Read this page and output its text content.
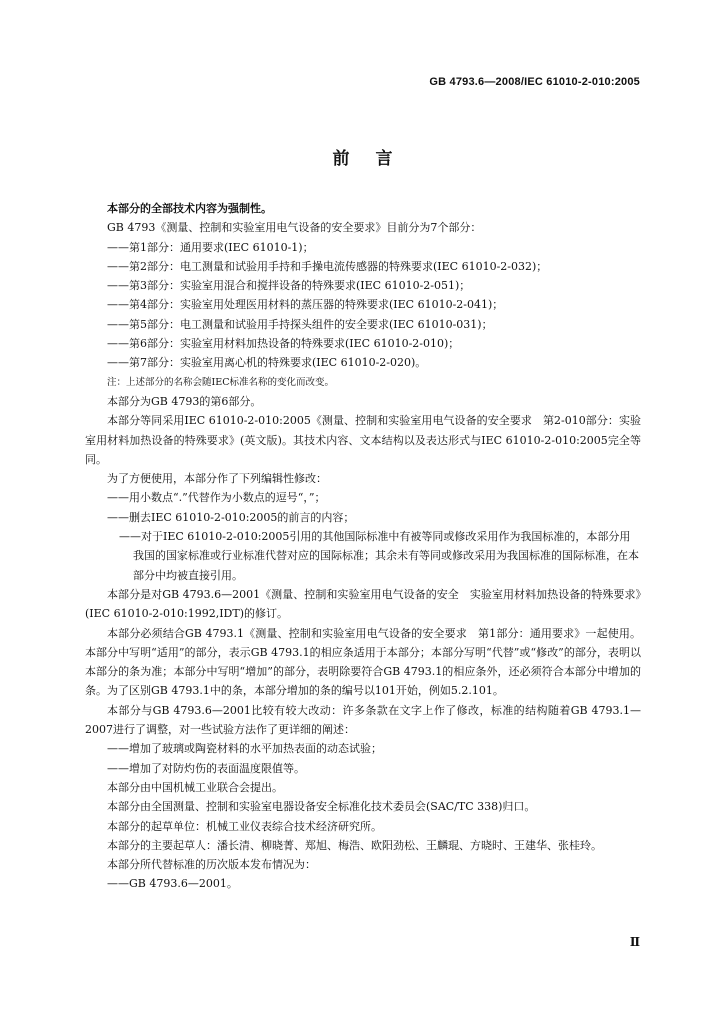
GB 4793.6—2008/IEC 61010-2-010:2005
前言

本部分的全部技术内容为强制性。

GB 4793《测量、控制和实验室用电气设备的安全要求》目前分为7个部分：

——第1部分：通用要求(IEC 61010-1)；

——第2部分：电工测量和试验用手持和手操电流传感器的特殊要求(IEC 61010-2-032)；

——第3部分：实验室用混合和搅拌设备的特殊要求(IEC 61010-2-051)；

——第4部分：实验室用处理医用材料的蒸压器的特殊要求(IEC 61010-2-041)；

——第5部分：电工测量和试验用手持探头组件的安全要求(IEC 61010-031)；

——第6部分：实验室用材料加热设备的特殊要求(IEC 61010-2-010)；

——第7部分：实验室用离心机的特殊要求(IEC 61010-2-020)。

注：上述部分的名称会随IEC标准名称的变化而改变。

本部分为GB 4793的第6部分。

本部分等同采用IEC 61010-2-010:2005《测量、控制和实验室用电气设备的安全要求　第2-010部分：实验室用材料加热设备的特殊要求》(英文版)。其技术内容、文本结构以及表达形式与IEC 61010-2-010:2005完全等同。

为了方便使用，本部分作了下列编辑性修改：

——用小数点“.”代替作为小数点的逗号“，”；

——删去IEC 61010-2-010:2005的前言的内容；

——对于IEC 61010-2-010:2005引用的其他国际标准中有被等同或修改采用作为我国标准的，本部分用我国的国家标准或行业标准代替对应的国际标准；其余未有等同或修改采用为我国标准的国际标准，在本部分中均被直接引用。

本部分是对GB 4793.6—2001《测量、控制和实验室用电气设备的安全　实验室用材料加热设备的特殊要求》(IEC 61010-2-010:1992,IDT)的修订。

本部分必须结合GB 4793.1《测量、控制和实验室用电气设备的安全要求　第1部分：通用要求》一起使用。本部分中写明“适用”的部分，表示GB 4793.1的相应条适用于本部分；本部分写明“代替”或“修改”的部分，表明以本部分的条为准；本部分中写明“增加”的部分，表明除要符合GB 4793.1的相应条外，还必须符合本部分中增加的条。为了区别GB 4793.1中的条，本部分增加的条的编号以101开始，例如5.2.101。

本部分与GB 4793.6—2001比较有较大改动：许多条款在文字上作了修改，标准的结构随着GB 4793.1—2007进行了调整，对一些试验方法作了更详细的阐述：

——增加了玻璃或陶瓷材料的水平加热表面的动态试验；

——增加了对防灼伤的表面温度限值等。

本部分由中国机械工业联合会提出。

本部分由全国测量、控制和实验室电器设备安全标准化技术委员会(SAC/TC 338)归口。

本部分的起草单位：机械工业仪表综合技术经济研究所。

本部分的主要起草人：潘长清、柳晓菁、郑旭、梅浩、欧阳劲松、王麟琨、方晓时、王建华、张桂玲。

本部分所代替标准的历次版本发布情况为：

——GB 4793.6—2001。

Ⅱ
